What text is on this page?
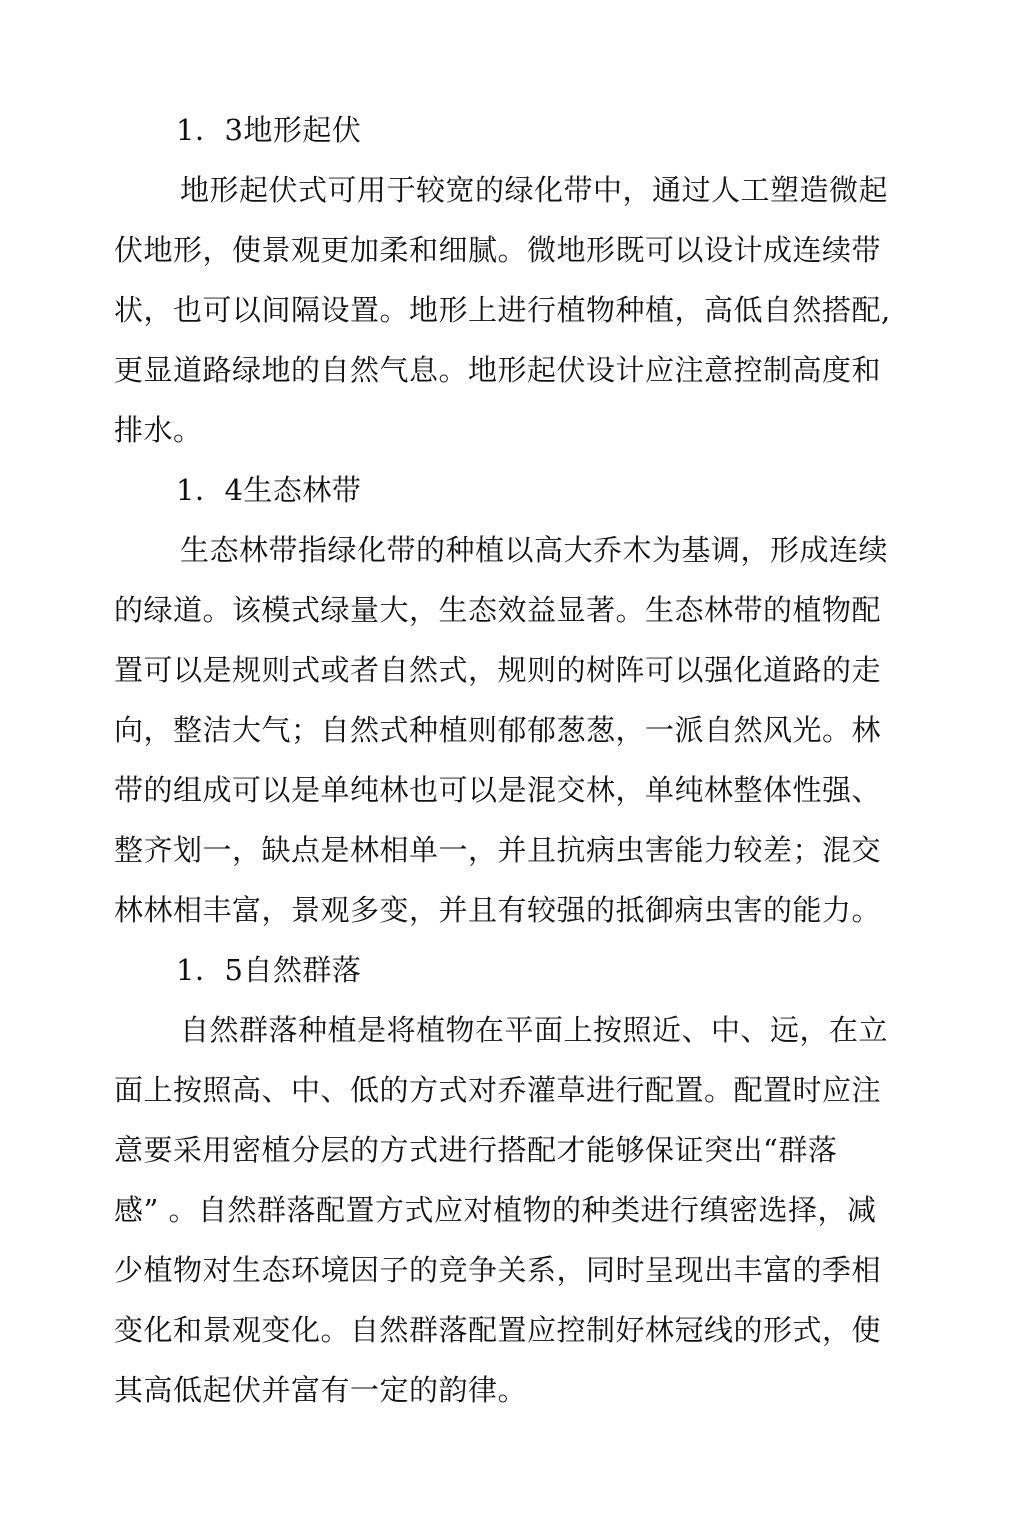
1．3地形起伏
地形起伏式可用于较宽的绿化带中，通过人工塑造微起
伏地形，使景观更加柔和细腻。微地形既可以设计成连续带
状，也可以间隔设置。地形上进行植物种植，高低自然搭配,
更显道路绿地的自然气息。地形起伏设计应注意控制高度和
排水。
1．4生态林带
生态林带指绿化带的种植以高大乔木为基调，形成连续
的绿道。该模式绿量大，生态效益显著。生态林带的植物配
置可以是规则式或者自然式，规则的树阵可以强化道路的走
向，整洁大气；自然式种植则郁郁葱葱，一派自然风光。林
带的组成可以是单纯林也可以是混交林，单纯林整体性强、
整齐划一，缺点是林相单一，并且抗病虫害能力较差；混交
林林相丰富，景观多变，并且有较强的抵御病虫害的能力。
1．5自然群落
自然群落种植是将植物在平面上按照近、中、远，在立
面上按照高、中、低的方式对乔灌草进行配置。配置时应注
意要采用密植分层的方式进行搭配才能够保证突出“群落
感” 。自然群落配置方式应对植物的种类进行缜密选择，减
少植物对生态环境因子的竞争关系，同时呈现出丰富的季相
变化和景观变化。自然群落配置应控制好林冠线的形式，使
其高低起伏并富有一定的韵律。
